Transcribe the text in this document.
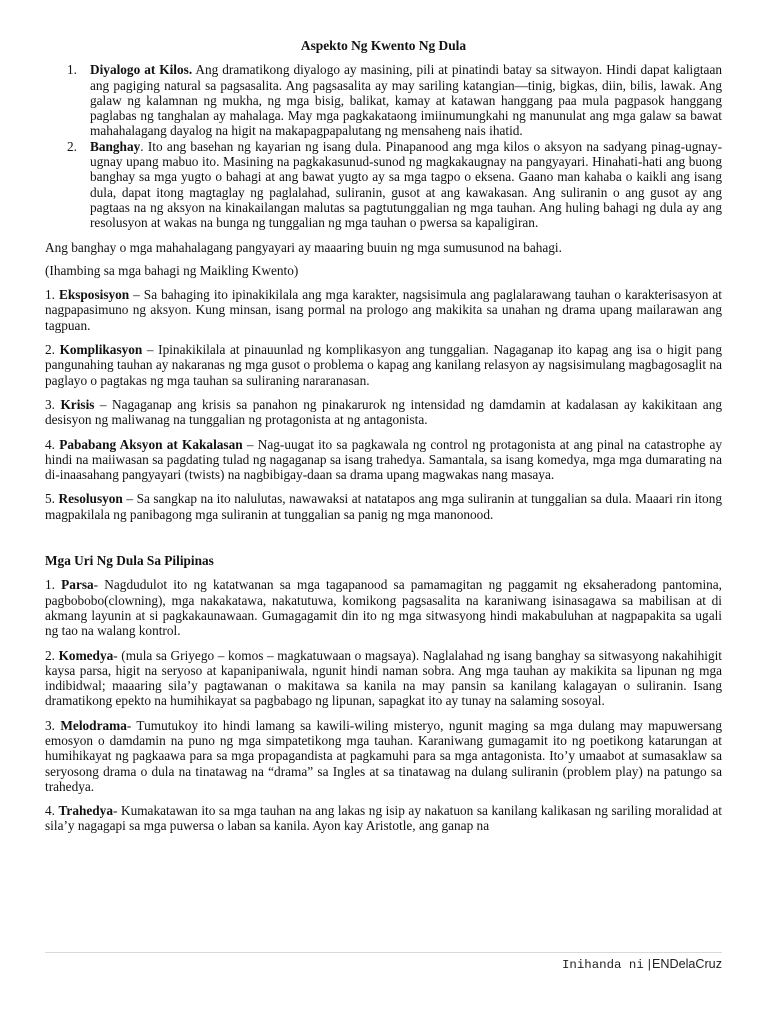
Aspekto Ng Kwento Ng Dula
1. Diyalogo at Kilos. Ang dramatikong diyalogo ay masining, pili at pinatindi batay sa sitwayon. Hindi dapat kaligtaan ang pagiging natural sa pagsasalita. Ang pagsasalita ay may sariling katangian—tinig, bigkas, diin, bilis, lawak. Ang galaw ng kalamnan ng mukha, ng mga bisig, balikat, kamay at katawan hanggang paa mula pagpasok hanggang paglabas ng tanghalan ay mahalaga. May mga pagkakataong imiinumungkahi ng manunulat ang mga galaw sa bawat mahahalagang dayalog na higit na makapagpapalutang ng mensaheng nais ihatid.
2. Banghay. Ito ang basehan ng kayarian ng isang dula. Pinapanood ang mga kilos o aksyon na sadyang pinag-ugnay-ugnay upang mabuo ito. Masining na pagkakasunud-sunod ng magkakaugnay na pangyayari. Hinahati-hati ang buong banghay sa mga yugto o bahagi at ang bawat yugto ay sa mga tagpo o eksena. Gaano man kahaba o kaikli ang isang dula, dapat itong magtaglay ng paglalahad, suliranin, gusot at ang kawakasan. Ang suliranin o ang gusot ay ang pagtaas na ng aksyon na kinakailangan malutas sa pagtutunggalian ng mga tauhan. Ang huling bahagi ng dula ay ang resolusyon at wakas na bunga ng tunggalian ng mga tauhan o pwersa sa kapaligiran.

Ang banghay o mga mahahalagang pangyayari ay maaaring buuin ng mga sumusunod na bahagi.

(Ihambing sa mga bahagi ng Maikling Kwento)

1. Eksposisyon – Sa bahaging ito ipinakikilala ang mga karakter, nagsisimula ang paglalarawang tauhan o karakterisasyon at nagpapasimuno ng aksyon. Kung minsan, isang pormal na prologo ang makikita sa unahan ng drama upang mailarawan ang tagpuan.

2. Komplikasyon – Ipinakikilala at pinauunlad ng komplikasyon ang tunggalian. Nagaganap ito kapag ang isa o higit pang pangunahing tauhan ay nakaranas ng mga gusot o problema o kapag ang kanilang relasyon ay nagsisimulang magbagosaglit na paglayo o pagtakas ng mga tauhan sa suliraning nararanasan.

3. Krisis – Nagaganap ang krisis sa panahon ng pinakarurok ng intensidad ng damdamin at kadalasan ay kakikitaan ang desisyon ng maliwanag na tunggalian ng protagonista at ng antagonista.

4. Pababang Aksyon at Kakalasan – Nag-uugat ito sa pagkawala ng control ng protagonista at ang pinal na catastrophe ay hindi na maiiwasan sa pagdating tulad ng nagaganap sa isang trahedya. Samantala, sa isang komedya, mga mga dumarating na di-inaasahang pangyayari (twists) na nagbibigay-daan sa drama upang magwakas nang masaya.

5. Resolusyon – Sa sangkap na ito nalulutas, nawawaksi at natatapos ang mga suliranin at tunggalian sa dula. Maaari rin itong magpakilala ng panibagong mga suliranin at tunggalian sa panig ng mga manonood.

Mga Uri Ng Dula Sa Pilipinas

1. Parsa- Nagdudulot ito ng katatwanan sa mga tagapanood sa pamamagitan ng paggamit ng eksaheradong pantomina, pagbobobo(clowning), mga nakakatawa, nakatutuwa, komikong pagsasalita na karaniwang isinasagawa sa mabilisan at di akmang layunin at si pagkakaunawaan. Gumagagamit din ito ng mga sitwasyong hindi makabuluhan at nagpapakita sa ugali ng tao na walang kontrol.

2. Komedya- (mula sa Griyego – komos – magkatuwaan o magsaya). Naglalahad ng isang banghay sa sitwasyong nakahihigit kaysa parsa, higit na seryoso at kapanipaniwala, ngunit hindi naman sobra. Ang mga tauhan ay makikita sa lipunan ng mga indibidwal; maaaring sila’y pagtawanan o makitawa sa kanila na may pansin sa kanilang kalagayan o suliranin. Isang dramatikong epekto na humihikayat sa pagbabago ng lipunan, sapagkat ito ay tunay na salaming sosoyal.

3. Melodrama- Tumutukoy ito hindi lamang sa kawili-wiling misteryo, ngunit maging sa mga dulang may mapuwersang emosyon o damdamin na puno ng mga simpatetikong mga tauhan. Karaniwang gumagamit ito ng poetikong katarungan at humihikayat ng pagkaawa para sa mga propagandista at pagkamuhi para sa mga antagonista. Ito’y umaabot at sumasaklaw sa seryosong drama o dula na tinatawag na “drama” sa Ingles at sa tinatawag na dulang suliranin (problem play) na patungo sa trahedya.

4. Trahedya- Kumakatawan ito sa mga tauhan na ang lakas ng isip ay nakatuon sa kanilang kalikasan ng sariling moralidad at sila’y nagagapi sa mga puwersa o laban sa kanila. Ayon kay Aristotle, ang ganap na

Inihanda ni |ENDelaCruz
